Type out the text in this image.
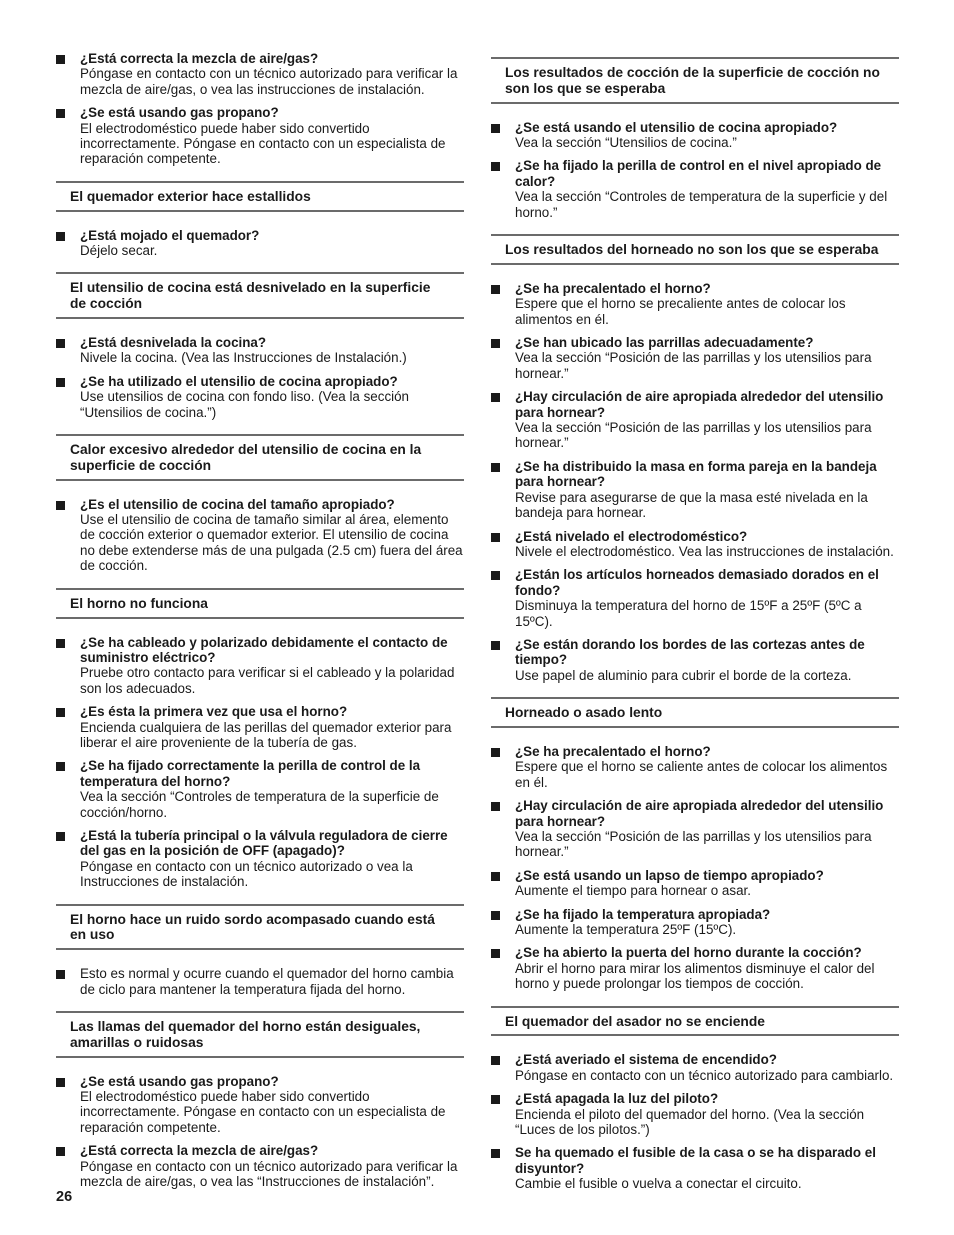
¿Está correcta la mezcla de aire/gas?
Póngase en contacto con un técnico autorizado para verificar la mezcla de aire/gas, o vea las instrucciones de instalación.
¿Se está usando gas propano?
El electrodoméstico puede haber sido convertido incorrectamente. Póngase en contacto con un especialista de reparación competente.
El quemador exterior hace estallidos
¿Está mojado el quemador?
Déjelo secar.
El utensilio de cocina está desnivelado en la superficie de cocción
¿Está desnivelada la cocina?
Nivele la cocina. (Vea las Instrucciones de Instalación.)
¿Se ha utilizado el utensilio de cocina apropiado?
Use utensilios de cocina con fondo liso. (Vea la sección “Utensilios de cocina.”)
Calor excesivo alrededor del utensilio de cocina en la superficie de cocción
¿Es el utensilio de cocina del tamaño apropiado?
Use el utensilio de cocina de tamaño similar al área, elemento de cocción exterior o quemador exterior. El utensilio de cocina no debe extenderse más de una pulgada (2.5 cm) fuera del área de cocción.
El horno no funciona
¿Se ha cableado y polarizado debidamente el contacto de suministro eléctrico?
Pruebe otro contacto para verificar si el cableado y la polaridad son los adecuados.
¿Es ésta la primera vez que usa el horno?
Encienda cualquiera de las perillas del quemador exterior para liberar el aire proveniente de la tubería de gas.
¿Se ha fijado correctamente la perilla de control de la temperatura del horno?
Vea la sección “Controles de temperatura de la superficie de cocción/horno.
¿Está la tubería principal o la válvula reguladora de cierre del gas en la posición de OFF (apagado)?
Póngase en contacto con un técnico autorizado o vea la Instrucciones de instalación.
El horno hace un ruido sordo acompasado cuando está en uso
Esto es normal y ocurre cuando el quemador del horno cambia de ciclo para mantener la temperatura fijada del horno.
Las llamas del quemador del horno están desiguales, amarillas o ruidosas
¿Se está usando gas propano?
El electrodoméstico puede haber sido convertido incorrectamente. Póngase en contacto con un especialista de reparación competente.
¿Está correcta la mezcla de aire/gas?
Póngase en contacto con un técnico autorizado para verificar la mezcla de aire/gas, o vea las “Instrucciones de instalación”.
Los resultados de cocción de la superficie de cocción no son los que se esperaba
¿Se está usando el utensilio de cocina apropiado?
Vea la sección “Utensilios de cocina.”
¿Se ha fijado la perilla de control en el nivel apropiado de calor?
Vea la sección “Controles de temperatura de la superficie y del horno.”
Los resultados del horneado no son los que se esperaba
¿Se ha precalentado el horno?
Espere que el horno se precaliente antes de colocar los alimentos en él.
¿Se han ubicado las parrillas adecuadamente?
Vea la sección “Posición de las parrillas y los utensilios para hornear.”
¿Hay circulación de aire apropiada alrededor del utensilio para hornear?
Vea la sección “Posición de las parrillas y los utensilios para hornear.”
¿Se ha distribuido la masa en forma pareja en la bandeja para hornear?
Revise para asegurarse de que la masa esté nivelada en la bandeja para hornear.
¿Está nivelado el electrodoméstico?
Nivele el electrodoméstico. Vea las instrucciones de instalación.
¿Están los artículos horneados demasiado dorados en el fondo?
Disminuya la temperatura del horno de 15ºF a 25ºF (5ºC a 15ºC).
¿Se están dorando los bordes de las cortezas antes de tiempo?
Use papel de aluminio para cubrir el borde de la corteza.
Horneado o asado lento
¿Se ha precalentado el horno?
Espere que el horno se caliente antes de colocar los alimentos en él.
¿Hay circulación de aire apropiada alrededor del utensilio para hornear?
Vea la sección “Posición de las parrillas y los utensilios para hornear.”
¿Se está usando un lapso de tiempo apropiado?
Aumente el tiempo para hornear o asar.
¿Se ha fijado la temperatura apropiada?
Aumente la temperatura 25ºF (15ºC).
¿Se ha abierto la puerta del horno durante la cocción?
Abrir el horno para mirar los alimentos disminuye el calor del horno y puede prolongar los tiempos de cocción.
El quemador del asador no se enciende
¿Está averiado el sistema de encendido?
Póngase en contacto con un técnico autorizado para cambiarlo.
¿Está apagada la luz del piloto?
Encienda el piloto del quemador del horno. (Vea la sección “Luces de los pilotos.”)
Se ha quemado el fusible de la casa o se ha disparado el disyuntor?
Cambie el fusible o vuelva a conectar el circuito.
26
